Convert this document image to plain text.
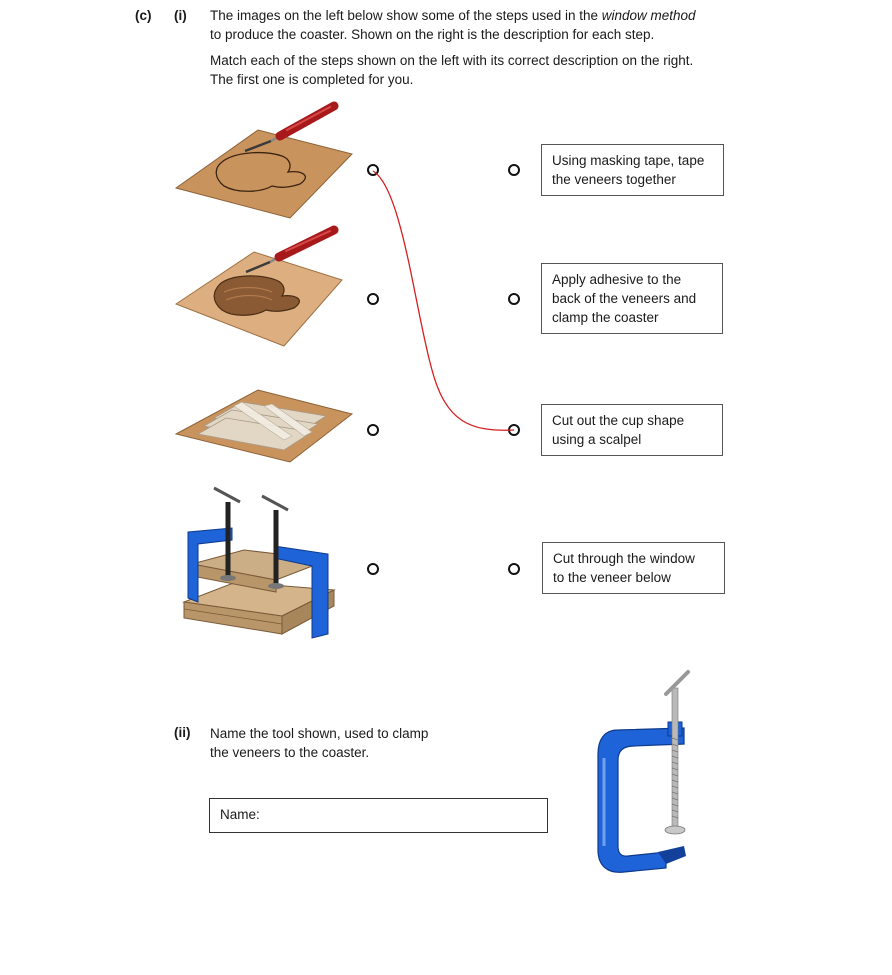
(c) (i) The images on the left below show some of the steps used in the window method
to produce the coaster. Shown on the right is the description for each step.
Match each of the steps shown on the left with its correct description on the right.
The first one is completed for you.
Using masking tape, tape
the veneers together
Apply adhesive to the
back of the veneers and
clamp the coaster
Cut out the cup shape
using a scalpel
Cut through the window
to the veneer below
(ii) Name the tool shown, used to clamp
the veneers to the coaster.
Name:
